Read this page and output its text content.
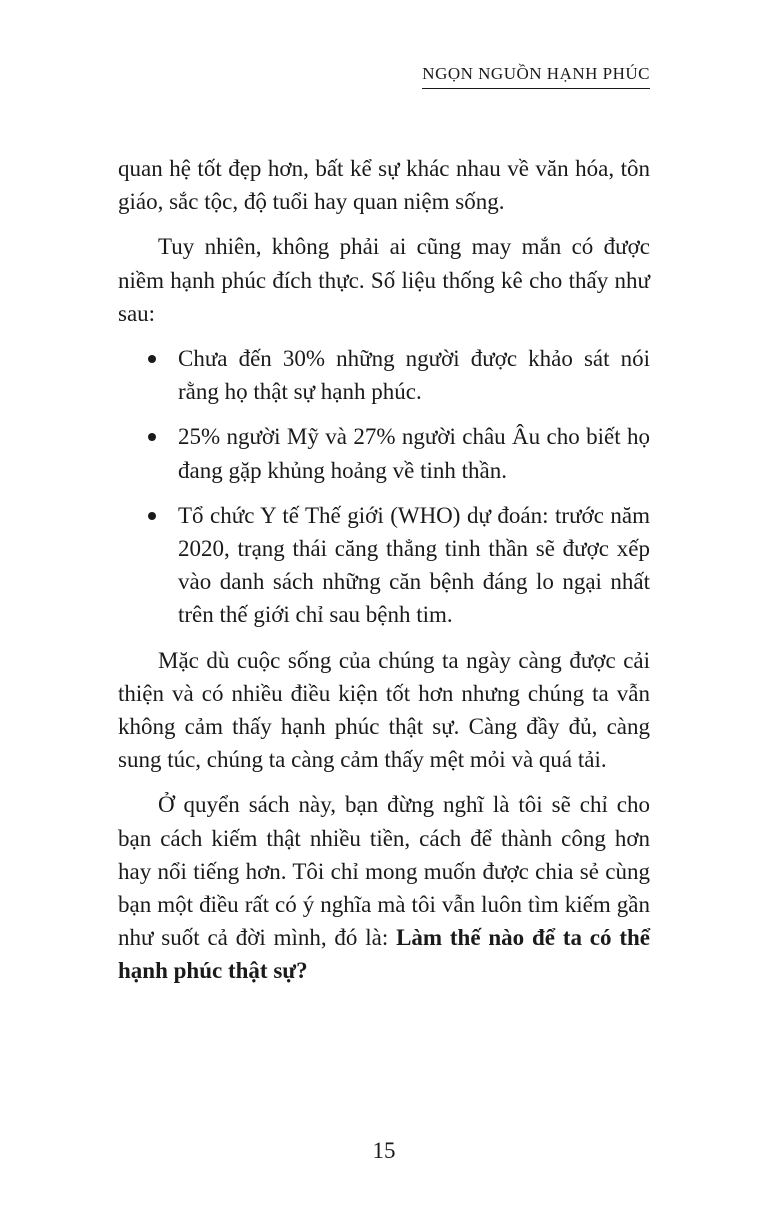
NGỌN NGUỒN HẠNH PHÚC

quan hệ tốt đẹp hơn, bất kể sự khác nhau về văn hóa, tôn giáo, sắc tộc, độ tuổi hay quan niệm sống.

Tuy nhiên, không phải ai cũng may mắn có được niềm hạnh phúc đích thực. Số liệu thống kê cho thấy như sau:

Chưa đến 30% những người được khảo sát nói rằng họ thật sự hạnh phúc.
25% người Mỹ và 27% người châu Âu cho biết họ đang gặp khủng hoảng về tinh thần.
Tổ chức Y tế Thế giới (WHO) dự đoán: trước năm 2020, trạng thái căng thẳng tinh thần sẽ được xếp vào danh sách những căn bệnh đáng lo ngại nhất trên thế giới chỉ sau bệnh tim.

Mặc dù cuộc sống của chúng ta ngày càng được cải thiện và có nhiều điều kiện tốt hơn nhưng chúng ta vẫn không cảm thấy hạnh phúc thật sự. Càng đầy đủ, càng sung túc, chúng ta càng cảm thấy mệt mỏi và quá tải.

Ở quyển sách này, bạn đừng nghĩ là tôi sẽ chỉ cho bạn cách kiếm thật nhiều tiền, cách để thành công hơn hay nổi tiếng hơn. Tôi chỉ mong muốn được chia sẻ cùng bạn một điều rất có ý nghĩa mà tôi vẫn luôn tìm kiếm gần như suốt cả đời mình, đó là: Làm thế nào để ta có thể hạnh phúc thật sự?

15
